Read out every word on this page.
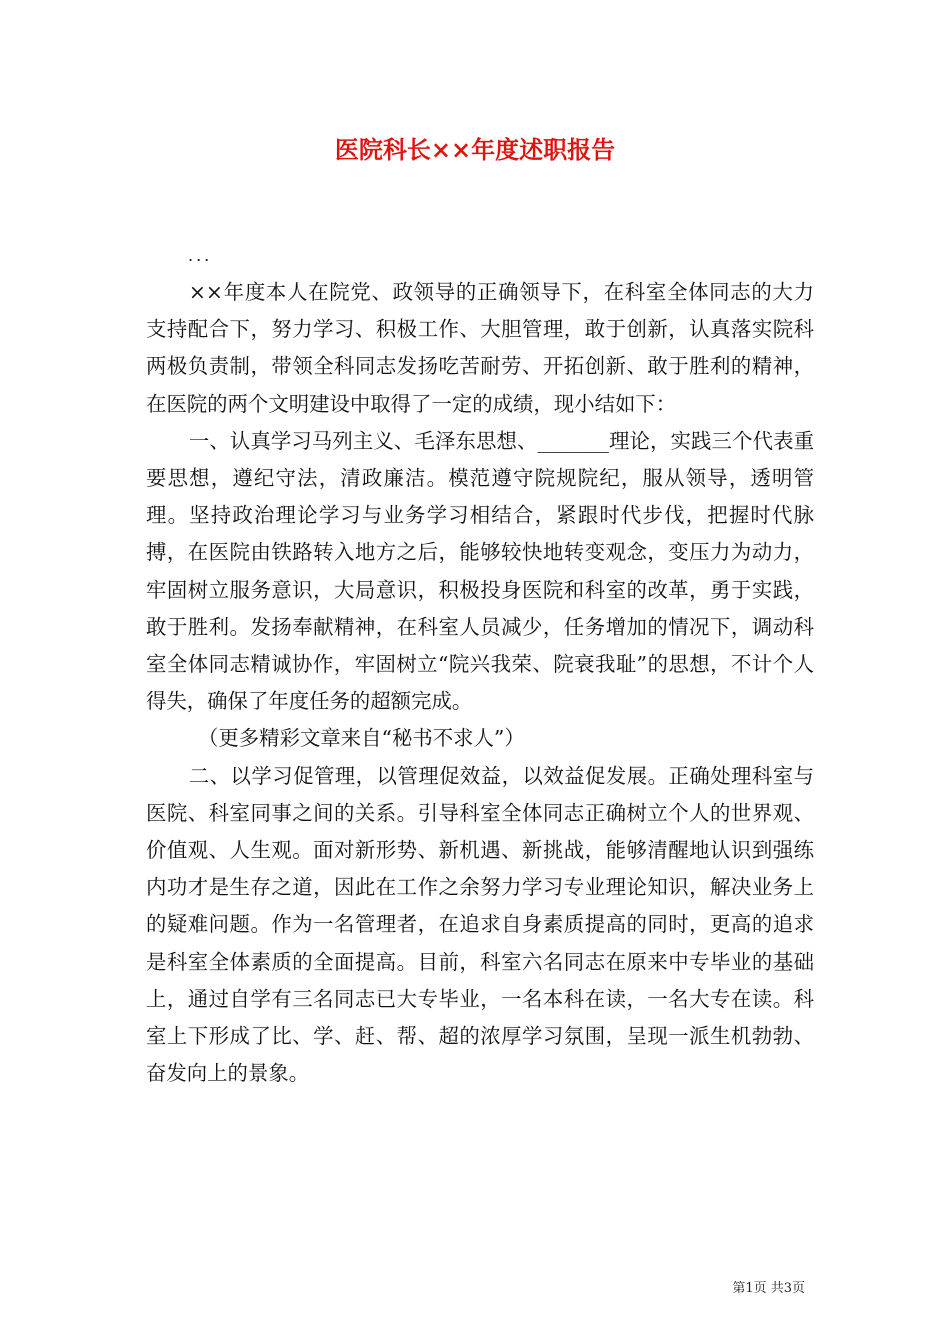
医院科长××年度述职报告
...

××年度本人在院党、政领导的正确领导下，在科室全体同志的大力支持配合下，努力学习、积极工作、大胆管理，敢于创新，认真落实院科两极负责制，带领全科同志发扬吃苦耐劳、开拓创新、敢于胜利的精神，在医院的两个文明建设中取得了一定的成绩，现小结如下：

一、认真学习马列主义、毛泽东思想、_______理论，实践三个代表重要思想，遵纪守法，清政廉洁。模范遵守院规院纪，服从领导，透明管理。坚持政治理论学习与业务学习相结合，紧跟时代步伐，把握时代脉搏，在医院由铁路转入地方之后，能够较快地转变观念，变压力为动力，牢固树立服务意识，大局意识，积极投身医院和科室的改革，勇于实践，敢于胜利。发扬奉献精神，在科室人员减少，任务增加的情况下，调动科室全体同志精诚协作，牢固树立“院兴我荣、院衰我耻”的思想，不计个人得失，确保了年度任务的超额完成。

（更多精彩文章来自“秘书不求人”）

二、以学习促管理，以管理促效益，以效益促发展。正确处理科室与医院、科室同事之间的关系。引导科室全体同志正确树立个人的世界观、价值观、人生观。面对新形势、新机遇、新挑战，能够清醒地认识到强练内功才是生存之道，因此在工作之余努力学习专业理论知识，解决业务上的疑难问题。作为一名管理者，在追求自身素质提高的同时，更高的追求是科室全体素质的全面提高。目前，科室六名同志在原来中专毕业的基础上，通过自学有三名同志已大专毕业，一名本科在读，一名大专在读。科室上下形成了比、学、赶、帮、超的浓厚学习氛围，呈现一派生机勃勃、奋发向上的景象。

第1页 共3页
